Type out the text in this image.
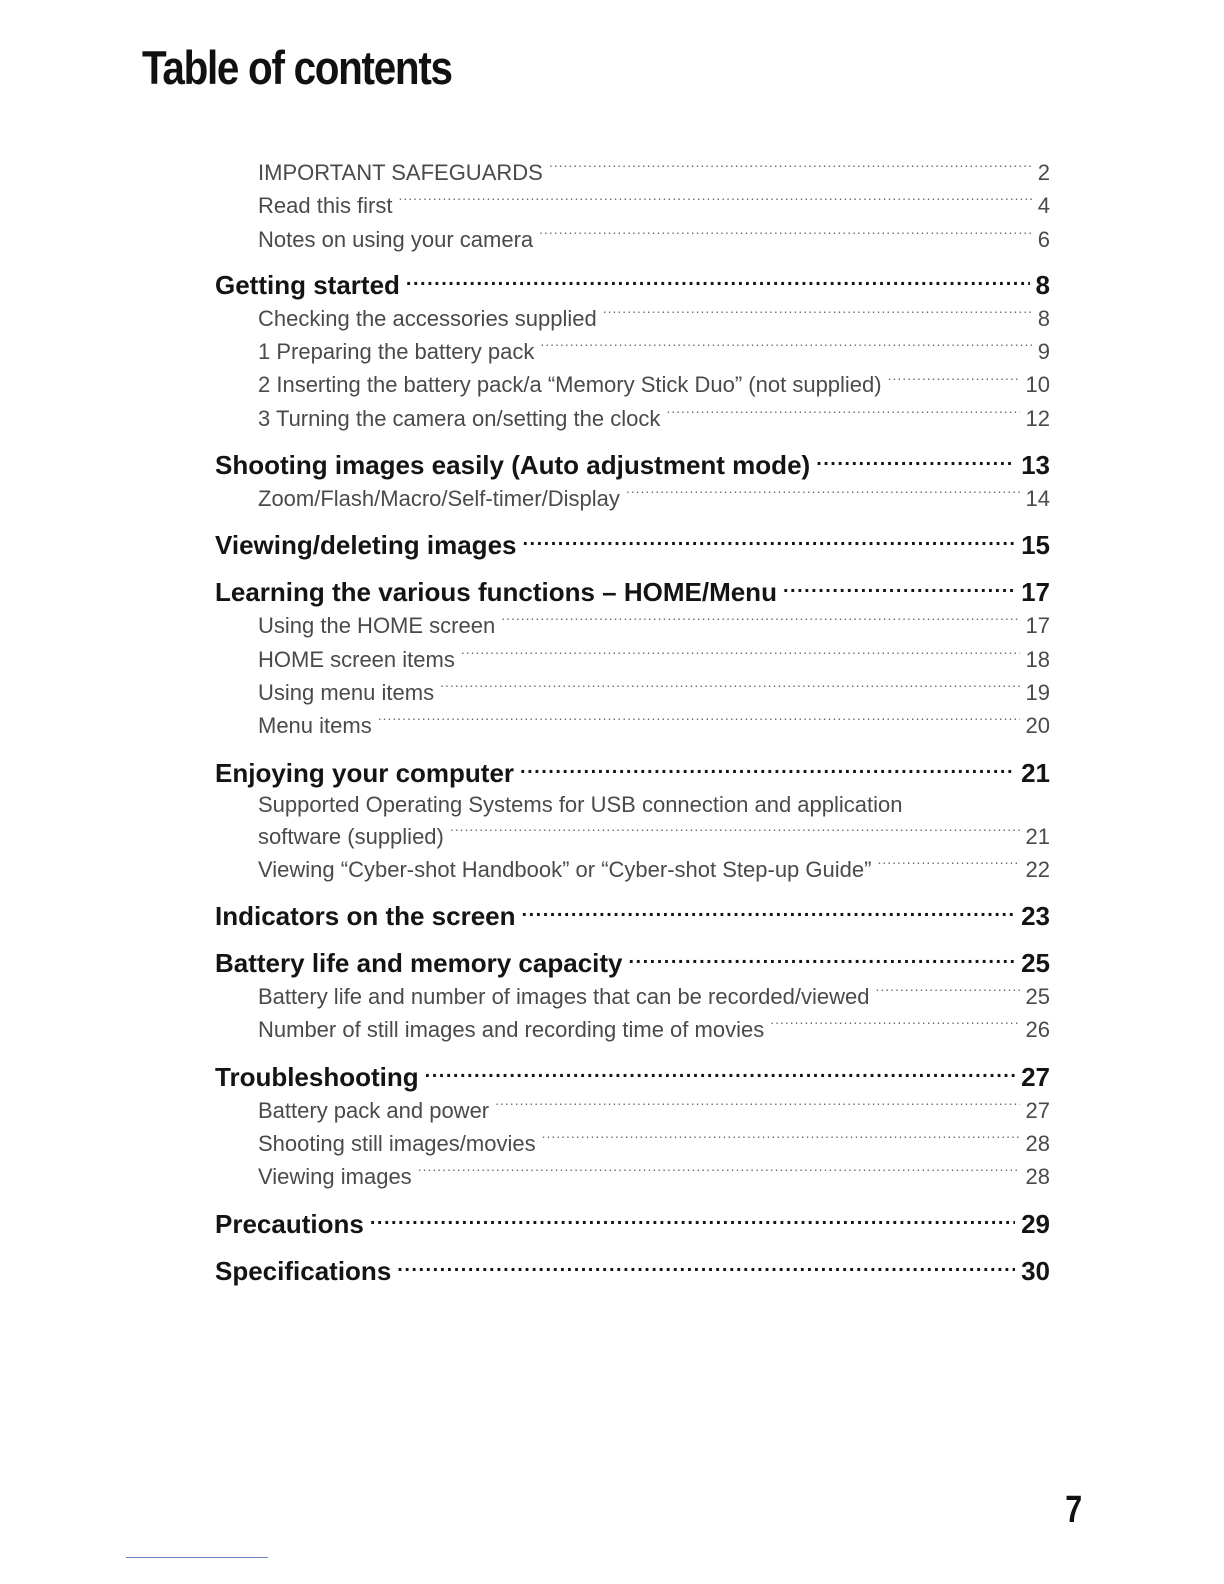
Table of contents
IMPORTANT SAFEGUARDS .....	2
Read this first .....	4
Notes on using your camera .....	6
Getting started .....	8
Checking the accessories supplied .....	8
1 Preparing the battery pack .....	9
2 Inserting the battery pack/a “Memory Stick Duo” (not supplied) .....	10
3 Turning the camera on/setting the clock .....	12
Shooting images easily (Auto adjustment mode) .....	13
Zoom/Flash/Macro/Self-timer/Display .....	14
Viewing/deleting images .....	15
Learning the various functions – HOME/Menu .....	17
Using the HOME screen .....	17
HOME screen items .....	18
Using menu items .....	19
Menu items .....	20
Enjoying your computer .....	21
Supported Operating Systems for USB connection and application
software (supplied) .....	21
Viewing “Cyber-shot Handbook” or “Cyber-shot Step-up Guide” .....	22
Indicators on the screen .....	23
Battery life and memory capacity .....	25
Battery life and number of images that can be recorded/viewed .....	25
Number of still images and recording time of movies .....	26
Troubleshooting .....	27
Battery pack and power .....	27
Shooting still images/movies .....	28
Viewing images .....	28
Precautions .....	29
Specifications .....	30
7
